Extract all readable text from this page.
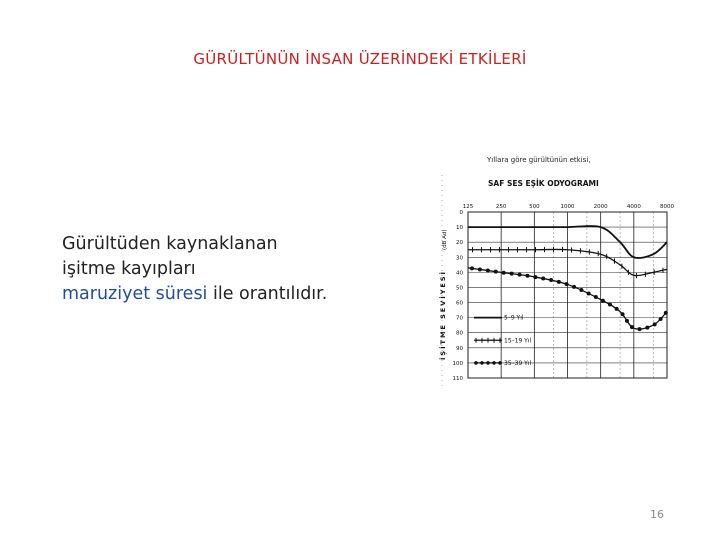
GÜRÜLTÜNÜN İNSAN ÜZERİNDEKİ ETKİLERİ
Gürültüden kaynaklanan
işitme kayıpları
maruziyet süresi ile orantılıdır.
Yıllara göre gürültünün etkisi,
SAF SES EŞİK ODYOGRAMI
İŞİTME SEVİYESİ
(dB Ad)
0
10
20
30
40
50
60
70
80
90
100
110
125	250	500	1000	2000	4000	8000
5–9 Yıl
15–19 Yıl
35–39 Yıl
16
